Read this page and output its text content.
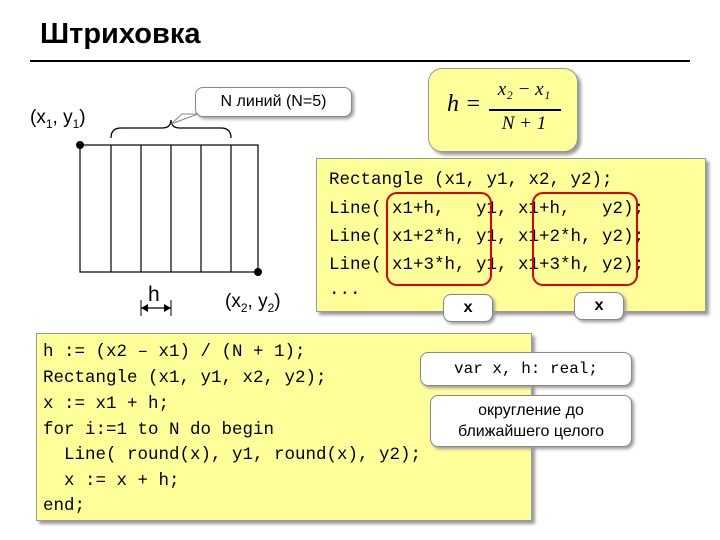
Штриховка
($x_1$, $y_1$)
($x_2$, $y_2$)
h
N линий (N=5)	h =
x₂ − x₁
N + 1
Rectangle (x1, y1, x2, y2);
Line( x1+h,   y1, x1+h,   y2);
Line( x1+2*h, y1, x1+2*h, y2);
Line( x1+3*h, y1, x1+3*h, y2);
...
x	x
h := (x2 – x1) / (N + 1);
Rectangle (x1, y1, x2, y2);
x := x1 + h;
for i:=1 to N do begin
Line( round(x), y1, round(x), y2);
x := x + h;
end;
var x, h: real;
округление до
ближайшего целого
